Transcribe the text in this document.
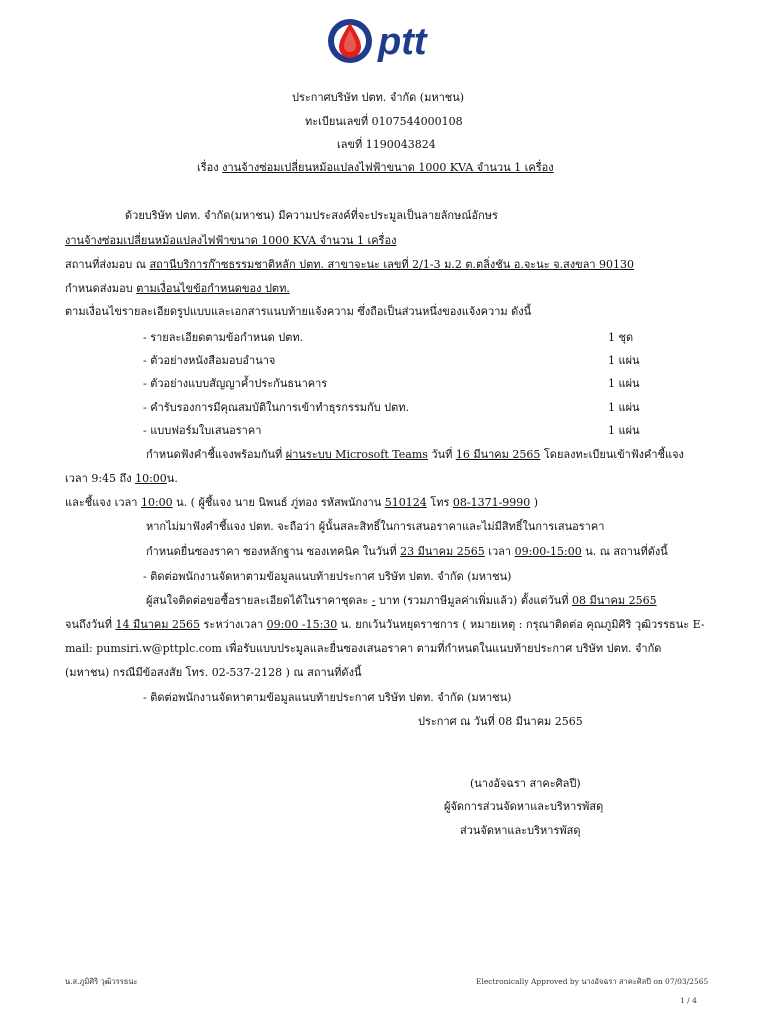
ptt
ประกาศบริษัท ปตท. จำกัด (มหาชน)
ทะเบียนเลขที่ 0107544000108
เลขที่ 1190043824
เรื่อง งานจ้างซ่อมเปลี่ยนหม้อแปลงไฟฟ้าขนาด 1000 KVA จำนวน 1 เครื่อง
ด้วยบริษัท ปตท. จำกัด(มหาชน) มีความประสงค์ที่จะประมูลเป็นลายลักษณ์อักษร
งานจ้างซ่อมเปลี่ยนหม้อแปลงไฟฟ้าขนาด 1000 KVA จำนวน 1 เครื่อง
สถานที่ส่งมอบ ณ สถานีบริการก๊าซธรรมชาติหลัก ปตท. สาขาจะนะ เลขที่ 2/1-3 ม.2 ต.ตลิ่งชัน อ.จะนะ จ.สงขลา 90130
กำหนดส่งมอบ ตามเงื่อนไขข้อกำหนดของ ปตท.
ตามเงื่อนไขรายละเอียดรูปแบบและเอกสารแนบท้ายแจ้งความ ซึ่งถือเป็นส่วนหนึ่งของแจ้งความ ดังนี้
- รายละเอียดตามข้อกำหนด ปตท.	1 ชุด
- ตัวอย่างหนังสือมอบอำนาจ	1 แผ่น
- ตัวอย่างแบบสัญญาค้ำประกันธนาคาร	1 แผ่น
- คำรับรองการมีคุณสมบัติในการเข้าทำธุรกรรมกับ ปตท.	1 แผ่น
- แบบฟอร์มใบเสนอราคา	1 แผ่น
กำหนดฟังคำชี้แจงพร้อมกันที่ ผ่านระบบ Microsoft Teams วันที่ 16 มีนาคม 2565 โดยลงทะเบียนเข้าฟังคำชี้แจง
เวลา 9:45 ถึง 10:00น.
และชี้แจง เวลา 10:00 น. ( ผู้ชี้แจง นาย นิพนธ์ ภู่ทอง รหัสพนักงาน 510124 โทร 08-1371-9990 )
หากไม่มาฟังคำชี้แจง ปตท. จะถือว่า ผู้นั้นสละสิทธิ์ในการเสนอราคาและไม่มีสิทธิ์ในการเสนอราคา
กำหนดยื่นซองราคา ซองหลักฐาน ซองเทคนิค ในวันที่ 23 มีนาคม 2565 เวลา 09:00-15:00 น. ณ สถานที่ดังนี้
- ติดต่อพนักงานจัดหาตามข้อมูลแนบท้ายประกาศ บริษัท ปตท. จำกัด (มหาชน)
ผู้สนใจติดต่อขอซื้อรายละเอียดได้ในราคาชุดละ - บาท (รวมภาษีมูลค่าเพิ่มแล้ว) ตั้งแต่วันที่ 08 มีนาคม 2565
จนถึงวันที่ 14 มีนาคม 2565 ระหว่างเวลา 09:00 -15:30 น. ยกเว้นวันหยุดราชการ ( หมายเหตุ : กรุณาติดต่อ คุณภูมิศิริ วุฒิวรรธนะ E-
mail: pumsiri.w@pttplc.com เพื่อรับแบบประมูลและยื่นซองเสนอราคา ตามที่กำหนดในแนบท้ายประกาศ บริษัท ปตท. จำกัด
(มหาชน) กรณีมีข้อสงสัย โทร. 02-537-2128 ) ณ สถานที่ดังนี้
- ติดต่อพนักงานจัดหาตามข้อมูลแนบท้ายประกาศ บริษัท ปตท. จำกัด (มหาชน)
ประกาศ ณ วันที่ 08 มีนาคม 2565
(นางอัจฉรา สาคะศิลปี)
ผู้จัดการส่วนจัดหาและบริหารพัสดุ
ส่วนจัดหาและบริหารพัสดุ
น.ส.ภูมิศิริ วุฒิวรรธนะ	Electronically Approved by นางอัจฉรา สาคะศิลปี on 07/03/2565
1 / 4
